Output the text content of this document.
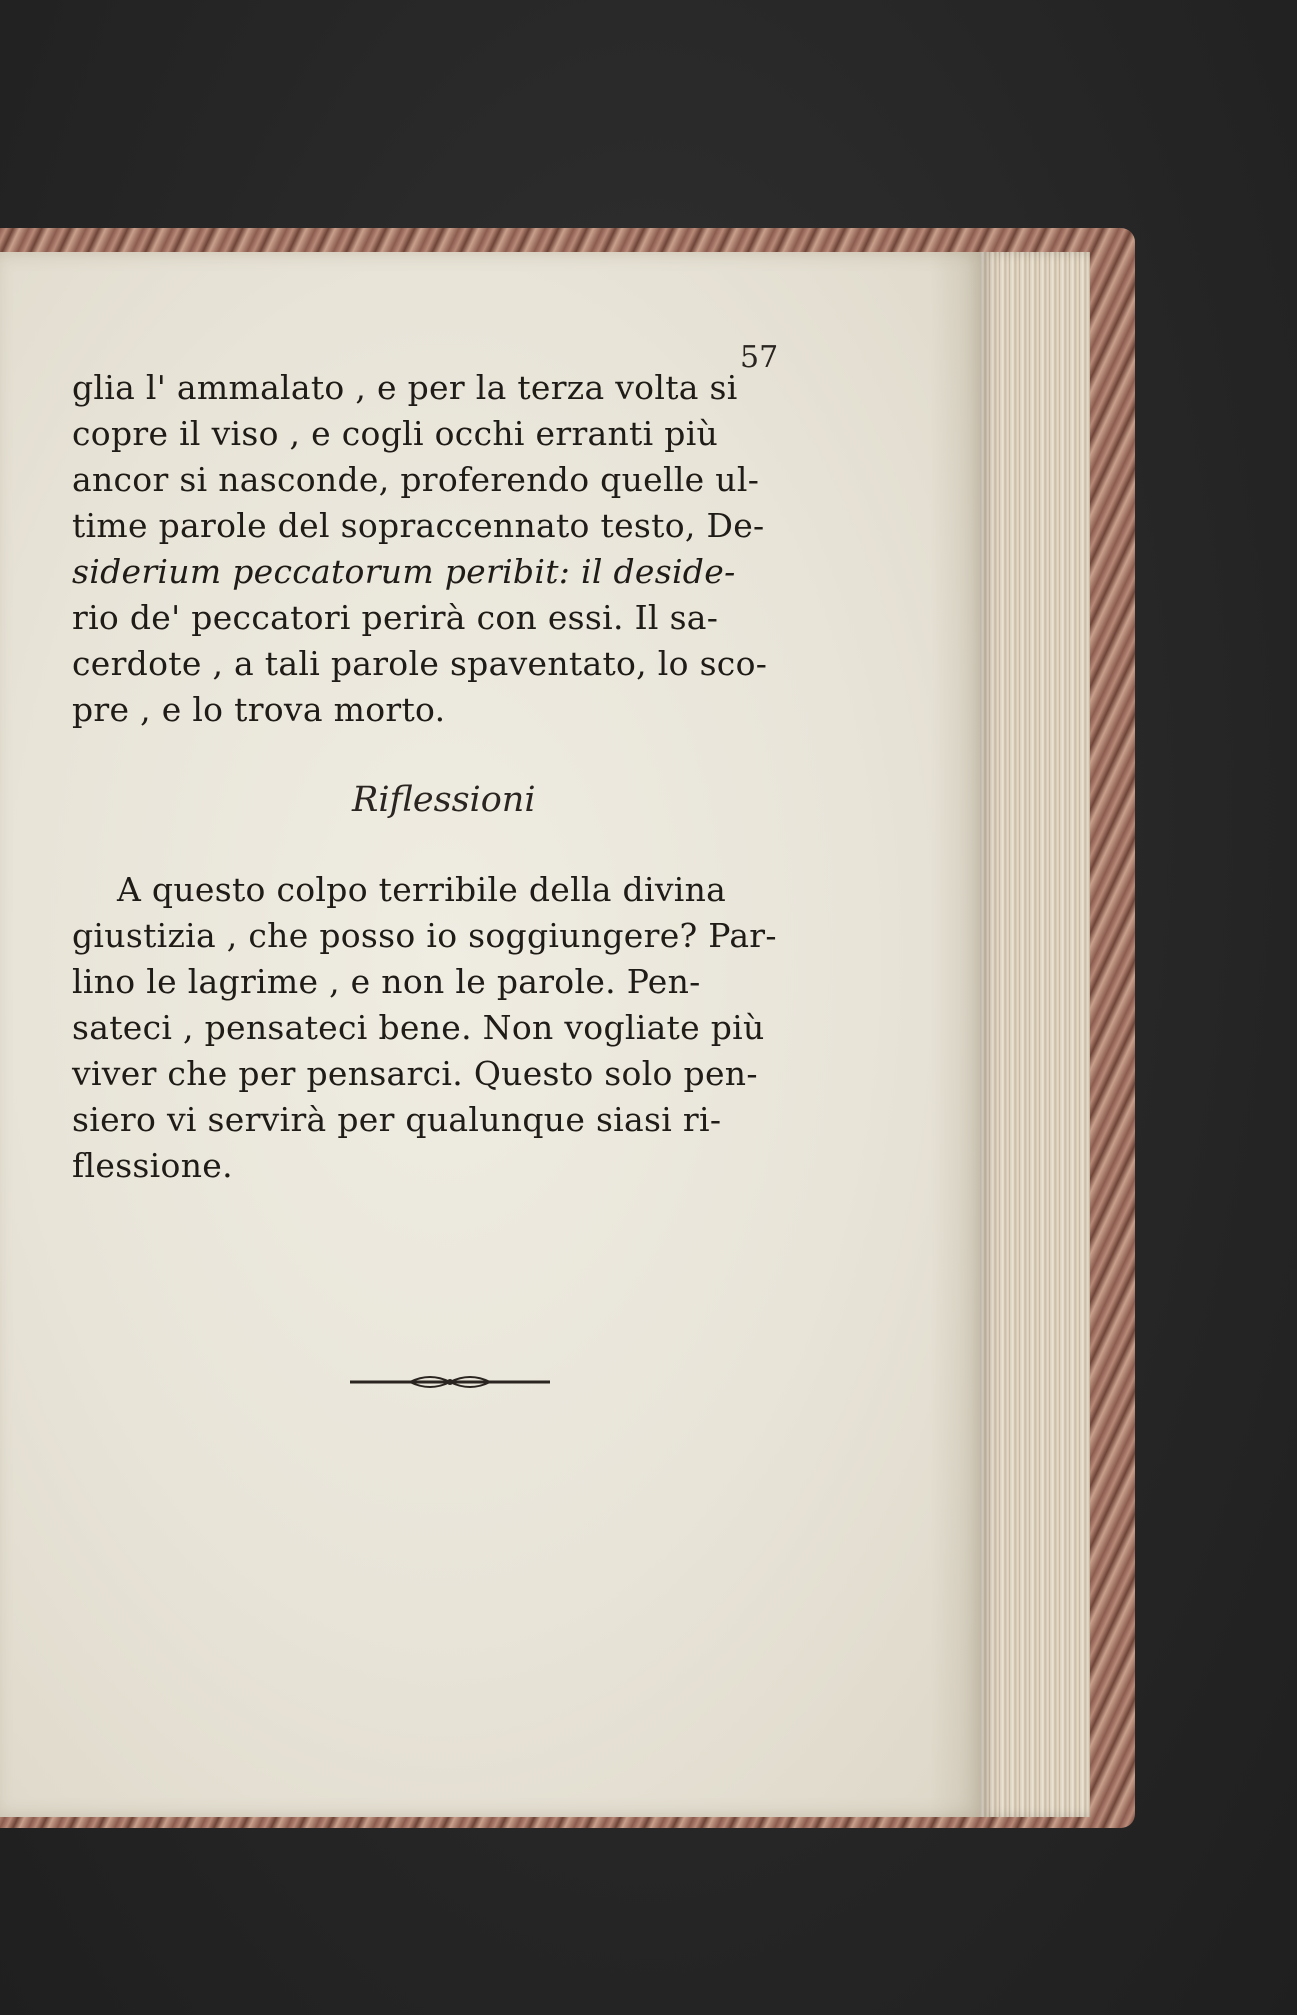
57
glia l' ammalato , e per la terza volta si
copre il viso , e cogli occhi erranti più
ancor si nasconde, proferendo quelle ul-
time parole del sopraccennato testo, De-
siderium peccatorum peribit: il deside-
rio de' peccatori perirà con essi. Il sa-
cerdote , a tali parole spaventato, lo sco-
pre , e lo trova morto.
Riflessioni
A questo colpo terribile della divina
giustizia , che posso io soggiungere? Par-
lino le lagrime , e non le parole. Pen-
sateci , pensateci bene. Non vogliate più
viver che per pensarci. Questo solo pen-
siero vi servirà per qualunque siasi ri-
flessione.
